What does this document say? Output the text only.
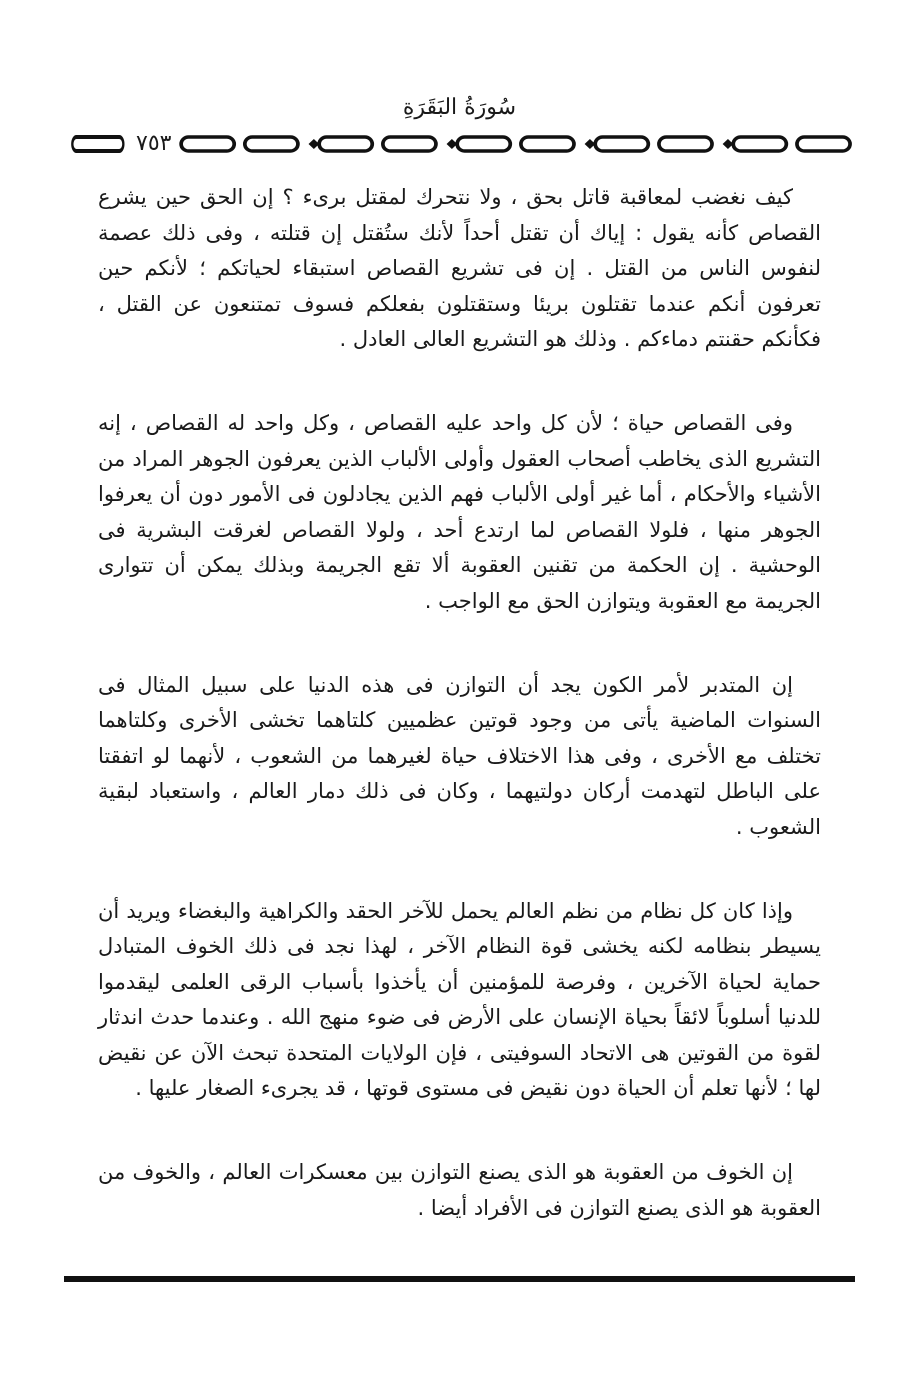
سُورَةُ البَقَرَةِ
٧٥٣

كيف نغضب لمعاقبة قاتل بحق ، ولا نتحرك لمقتل برىء ؟ إن الحق حين يشرع القصاص كأنه يقول : إياك أن تقتل أحداً لأنك ستُقتل إن قتلته ، وفى ذلك عصمة لنفوس الناس من القتل . إن فى تشريع القصاص استبقاء لحياتكم ؛ لأنكم حين تعرفون أنكم عندما تقتلون بريئا وستقتلون بفعلكم فسوف تمتنعون عن القتل ، فكأنكم حقنتم دماءكم . وذلك هو التشريع العالى العادل .

وفى القصاص حياة ؛ لأن كل واحد عليه القصاص ، وكل واحد له القصاص ، إنه التشريع الذى يخاطب أصحاب العقول وأولى الألباب الذين يعرفون الجوهر المراد من الأشياء والأحكام ، أما غير أولى الألباب فهم الذين يجادلون فى الأمور دون أن يعرفوا الجوهر منها ، فلولا القصاص لما ارتدع أحد ، ولولا القصاص لغرقت البشرية فى الوحشية . إن الحكمة من تقنين العقوبة ألا تقع الجريمة وبذلك يمكن أن تتوارى الجريمة مع العقوبة ويتوازن الحق مع الواجب .

إن المتدبر لأمر الكون يجد أن التوازن فى هذه الدنيا على سبيل المثال فى السنوات الماضية يأتى من وجود قوتين عظميين كلتاهما تخشى الأخرى وكلتاهما تختلف مع الأخرى ، وفى هذا الاختلاف حياة لغيرهما من الشعوب ، لأنهما لو اتفقتا على الباطل لتهدمت أركان دولتيهما ، وكان فى ذلك دمار العالم ، واستعباد لبقية الشعوب .

وإذا كان كل نظام من نظم العالم يحمل للآخر الحقد والكراهية والبغضاء ويريد أن يسيطر بنظامه لكنه يخشى قوة النظام الآخر ، لهذا نجد فى ذلك الخوف المتبادل حماية لحياة الآخرين ، وفرصة للمؤمنين أن يأخذوا بأسباب الرقى العلمى ليقدموا للدنيا أسلوباً لائقاً بحياة الإنسان على الأرض فى ضوء منهج الله . وعندما حدث اندثار لقوة من القوتين هى الاتحاد السوفيتى ، فإن الولايات المتحدة تبحث الآن عن نقيض لها ؛ لأنها تعلم أن الحياة دون نقيض فى مستوى قوتها ، قد يجرىء الصغار عليها .

إن الخوف من العقوبة هو الذى يصنع التوازن بين معسكرات العالم ، والخوف من العقوبة هو الذى يصنع التوازن فى الأفراد أيضا .
